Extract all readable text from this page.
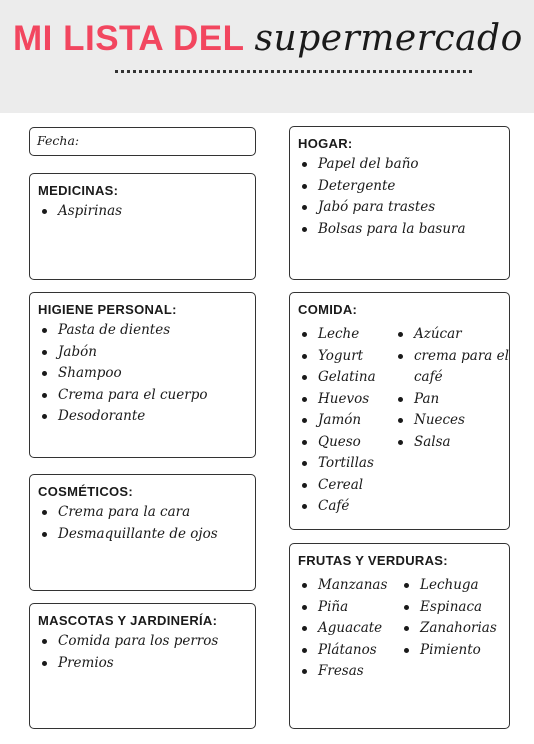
MI LISTA DEL supermercado
Fecha:
MEDICINAS:
Aspirinas
HIGIENE PERSONAL:
Pasta de dientes
Jabón
Shampoo
Crema para el cuerpo
Desodorante
COSMÉTICOS:
Crema para la cara
Desmaquillante de ojos
MASCOTAS Y JARDINERÍA:
Comida para los perros
Premios
HOGAR:
Papel del baño
Detergente
Jabó para trastes
Bolsas para la basura
COMIDA:
Leche
Yogurt
Gelatina
Huevos
Jamón
Queso
Tortillas
Cereal
Café
Azúcar
crema para el
café
Pan
Nueces
Salsa
FRUTAS Y VERDURAS:
Manzanas
Piña
Aguacate
Plátanos
Fresas
Lechuga
Espinaca
Zanahorias
Pimiento
